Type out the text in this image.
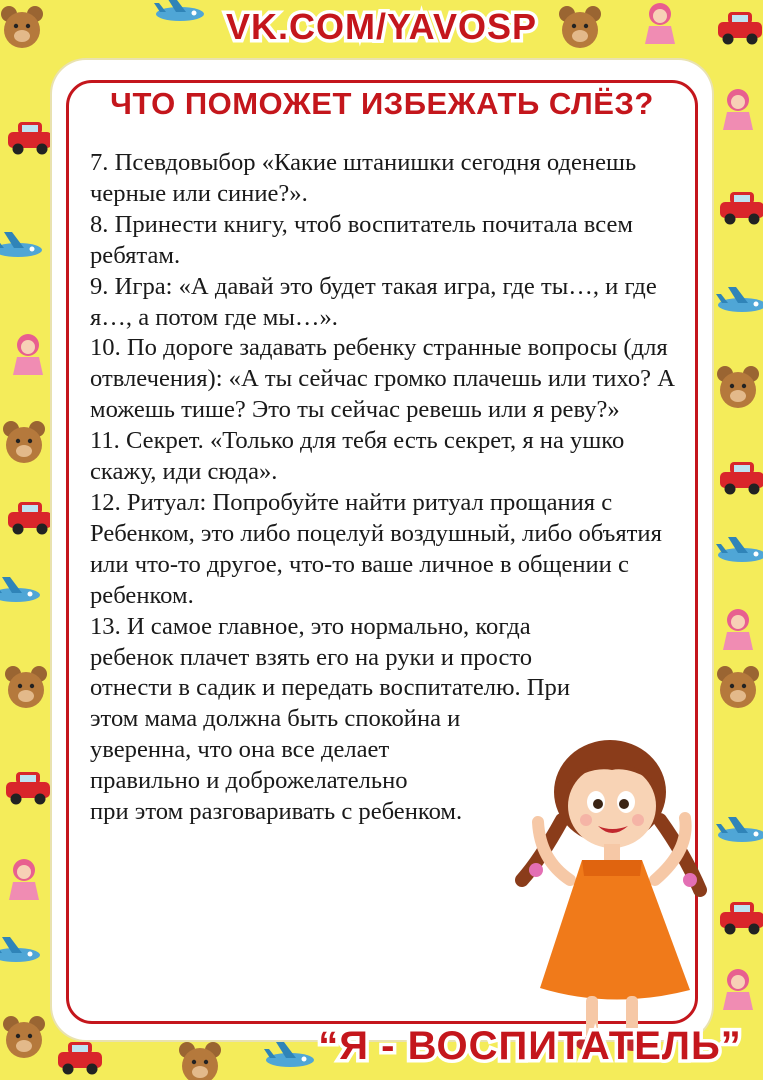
VK.COM/YAVOSP
ЧТО ПОМОЖЕТ ИЗБЕЖАТЬ СЛЁЗ?

7. Псевдовыбор «Какие штанишки сегодня оденешь черные или синие?».

8. Принести книгу, чтоб воспитатель почитала всем ребятам.

9. Игра: «А давай это будет такая игра, где ты…, и где я…, а потом где мы…».

10. По дороге задавать ребенку странные вопросы (для отвлечения): «А ты сейчас громко плачешь или тихо? А можешь тише? Это ты сейчас ревешь или я реву?»

11. Секрет. «Только для тебя есть секрет, я на ушко скажу, иди сюда».

12. Ритуал: Попробуйте найти ритуал прощания с Ребенком, это либо поцелуй воздушный, либо объятия или что-то другое, что-то ваше личное в общении с ребенком.

13. И самое главное, это нормально, когда
ребенок плачет взять его на руки и просто
отнести в садик и передать воспитателю. При
этом мама должна быть спокойна и
уверенна, что она все делает
правильно и доброжелательно
при этом разговаривать с ребенком.
“Я - ВОСПИТАТЕЛЬ”
